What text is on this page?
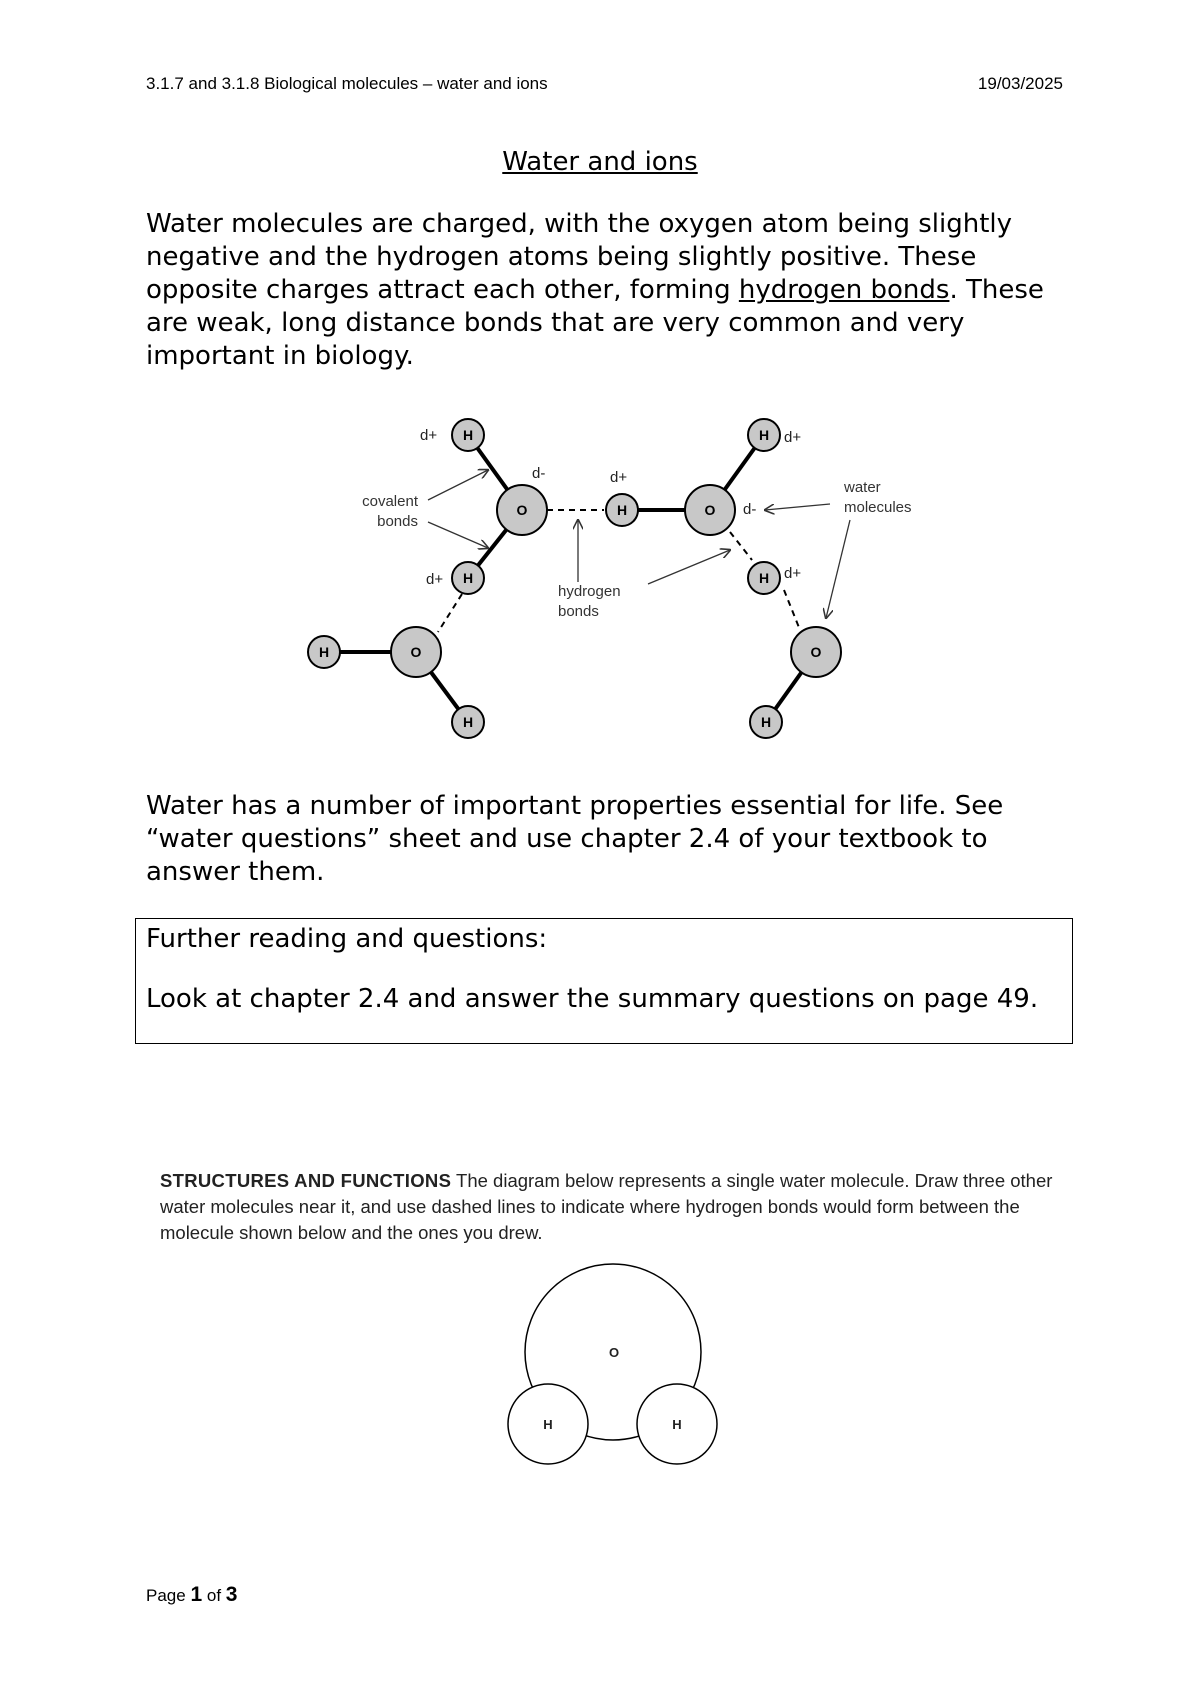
3.1.7 and 3.1.8 Biological molecules – water and ions	19/03/2025
Water and ions

Water molecules are charged, with the oxygen atom being slightly negative and the hydrogen atoms being slightly positive. These opposite charges attract each other, forming hydrogen bonds. These are weak, long distance bonds that are very common and very important in biology.

O	O
O	O
H
H
H
H
H
H
H	H
d+
d+
d+
d+
d+
d-
d-
covalent
bonds
hydrogen
bonds
water
molecules

Water has a number of important properties essential for life. See “water questions” sheet and use chapter 2.4 of your textbook to answer them.

Further reading and questions:
Look at chapter 2.4 and answer the summary questions on page 49.
STRUCTURES AND FUNCTIONS The diagram below represents a single water molecule. Draw three other water molecules near it, and use dashed lines to indicate where hydrogen bonds would form between the molecule shown below and the ones you drew.
O
H	H
Page 1 of 3
